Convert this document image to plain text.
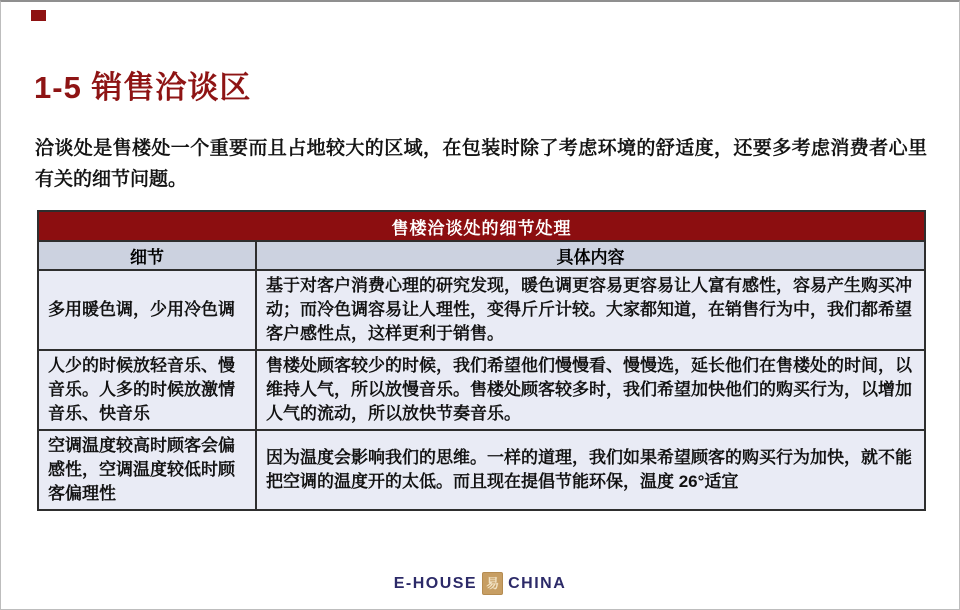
1-5 销售洽谈区
洽谈处是售楼处一个重要而且占地较大的区域，在包装时除了考虑环境的舒适度，还要多考虑消费者心里有关的细节问题。
售楼洽谈处的细节处理	
细节	具体内容
多用暖色调，少用冷色调	基于对客户消费心理的研究发现，暖色调更容易更容易让人富有感性，容易产生购买冲动；而冷色调容易让人理性，变得斤斤计较。大家都知道，在销售行为中，我们都希望客户感性点，这样更利于销售。
人少的时候放轻音乐、慢音乐。人多的时候放激情音乐、快音乐	售楼处顾客较少的时候，我们希望他们慢慢看、慢慢选，延长他们在售楼处的时间，以维持人气，所以放慢音乐。售楼处顾客较多时，我们希望加快他们的购买行为，以增加人气的流动，所以放快节奏音乐。
空调温度较高时顾客会偏感性，空调温度较低时顾客偏理性	因为温度会影响我们的思维。一样的道理，我们如果希望顾客的购买行为加快，就不能把空调的温度开的太低。而且现在提倡节能环保，温度 26°适宜
E-HOUSE 易 CHINA
